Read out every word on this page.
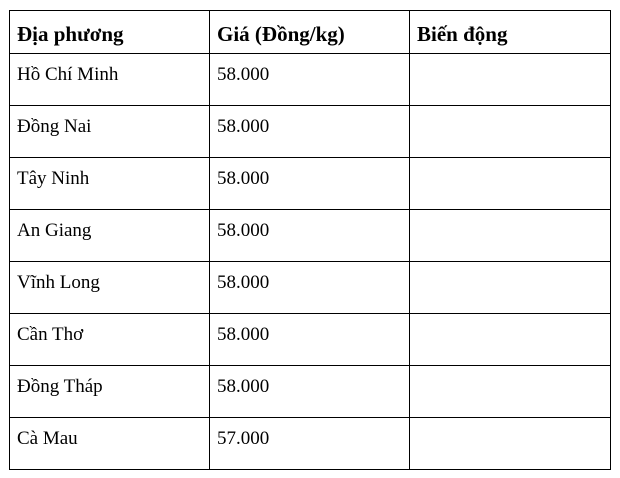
Địa phương	Giá (Đồng/kg)	Biến động
Hồ Chí Minh	58.000	
Đồng Nai	58.000	
Tây Ninh	58.000	
An Giang	58.000	
Vĩnh Long	58.000	
Cần Thơ	58.000	
Đồng Tháp	58.000	
Cà Mau	57.000	
